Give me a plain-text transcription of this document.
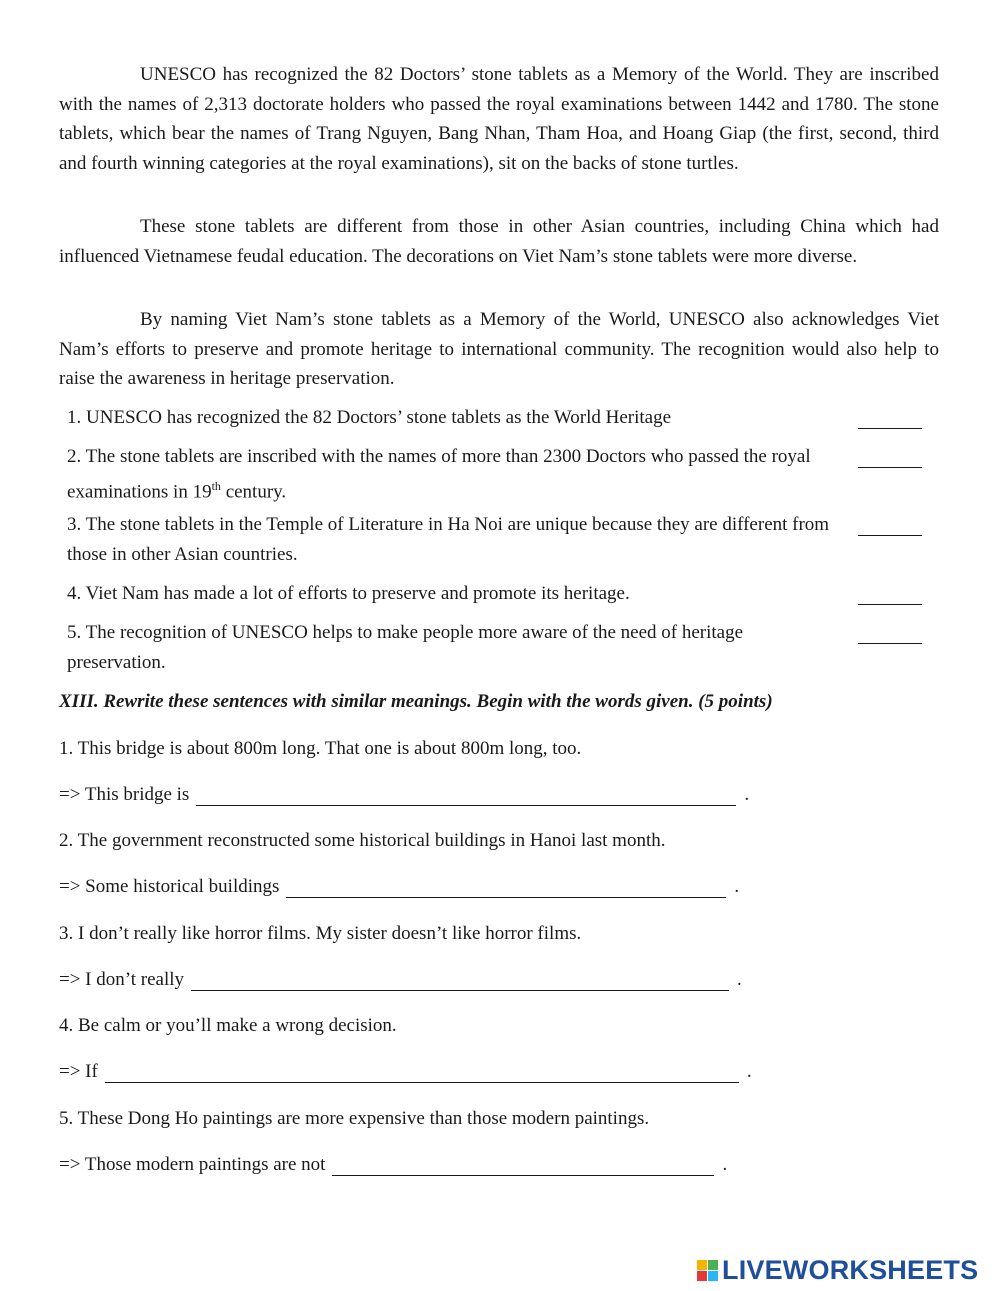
UNESCO has recognized the 82 Doctors’ stone tablets as a Memory of the World. They are inscribed with the names of 2,313 doctorate holders who passed the royal examinations between 1442 and 1780. The stone tablets, which bear the names of Trang Nguyen, Bang Nhan, Tham Hoa, and Hoang Giap (the first, second, third and fourth winning categories at the royal examinations), sit on the backs of stone turtles.

These stone tablets are different from those in other Asian countries, including China which had influenced Vietnamese feudal education. The decorations on Viet Nam’s stone tablets were more diverse.

By naming Viet Nam’s stone tablets as a Memory of the World, UNESCO also acknowledges Viet Nam’s efforts to preserve and promote heritage to international community. The recognition would also help to raise the awareness in heritage preservation.

1. UNESCO has recognized the 82 Doctors’ stone tablets as the World Heritage

2. The stone tablets are inscribed with the names of more than 2300 Doctors who passed the royal examinations in 19th century.

3. The stone tablets in the Temple of Literature in Ha Noi are unique because they are different from those in other Asian countries.

4. Viet Nam has made a lot of efforts to preserve and promote its heritage.

5. The recognition of UNESCO helps to make people more aware of the need of heritage preservation.

XIII. Rewrite these sentences with similar meanings. Begin with the words given. (5 points)

1. This bridge is about 800m long. That one is about 800m long, too.

=> This bridge is	.

2. The government reconstructed some historical buildings in Hanoi last month.

=> Some historical buildings	.

3. I don’t really like horror films. My sister doesn’t like horror films.

=> I don’t really	.

4. Be calm or you’ll make a wrong decision.

=> If	.

5. These Dong Ho paintings are more expensive than those modern paintings.

=> Those modern paintings are not	.
LIVEWORKSHEETS
